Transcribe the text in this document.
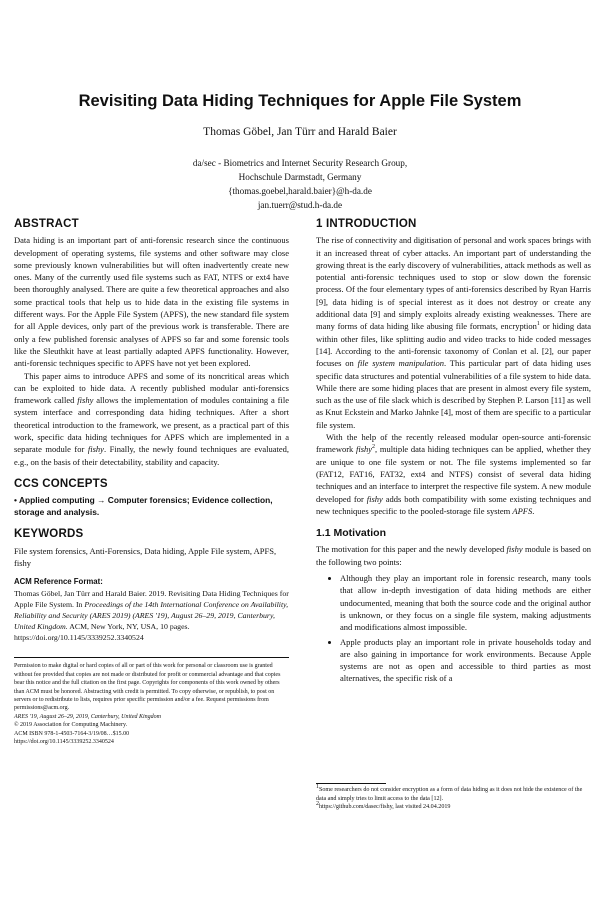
Revisiting Data Hiding Techniques for Apple File System
Thomas Göbel, Jan Türr and Harald Baier
da/sec - Biometrics and Internet Security Research Group,
Hochschule Darmstadt, Germany
{thomas.goebel,harald.baier}@h-da.de
jan.tuerr@stud.h-da.de
ABSTRACT

Data hiding is an important part of anti-forensic research since the continuous development of operating systems, file systems and other software may close some previously known vulnerabilities but will often inadvertently create new ones. Many of the currently used file systems such as FAT, NTFS or ext4 have been thoroughly analysed. There are quite a few theoretical approaches and also some practical tools that help us to hide data in the existing file systems in different ways. For the Apple File System (APFS), the new standard file system for all Apple devices, only part of the previous work is transferable. There are only a few published forensic analyses of APFS so far and some forensic tools like the Sleuthkit have at least partially adapted APFS functionality. However, anti-forensic techniques specific to APFS have not yet been explored.

This paper aims to introduce APFS and some of its noncritical areas which can be exploited to hide data. A recently published modular anti-forensics framework called fishy allows the implementation of modules containing a file system interface and corresponding data hiding techniques. After a short theoretical introduction to the framework, we present, as a practical part of this work, specific data hiding techniques for APFS which are implemented in a separate module for fishy. Finally, the newly found techniques are evaluated, e.g., on the basis of their detectability, stability and capacity.

CCS CONCEPTS
• Applied computing → Computer forensics; Evidence collection, storage and analysis.
KEYWORDS

File system forensics, Anti-Forensics, Data hiding, Apple File system, APFS, fishy

ACM Reference Format:
Thomas Göbel, Jan Türr and Harald Baier. 2019. Revisiting Data Hiding Techniques for Apple File System. In Proceedings of the 14th International Conference on Availability, Reliability and Security (ARES 2019) (ARES '19), August 26–29, 2019, Canterbury, United Kingdom. ACM, New York, NY, USA, 10 pages. https://doi.org/10.1145/3339252.3340524
Permission to make digital or hard copies of all or part of this work for personal or classroom use is granted without fee provided that copies are not made or distributed for profit or commercial advantage and that copies bear this notice and the full citation on the first page. Copyrights for components of this work owned by others than ACM must be honored. Abstracting with credit is permitted. To copy otherwise, or republish, to post on servers or to redistribute to lists, requires prior specific permission and/or a fee. Request permissions from permissions@acm.org.
ARES '19, August 26–29, 2019, Canterbury, United Kingdom
© 2019 Association for Computing Machinery.
ACM ISBN 978-1-4503-7164-3/19/08…$15.00
https://doi.org/10.1145/3339252.3340524
1 INTRODUCTION

The rise of connectivity and digitisation of personal and work spaces brings with it an increased threat of cyber attacks. An important part of understanding the growing threat is the early discovery of vulnerabilities, attack methods as well as potential anti-forensic techniques used to stop or slow down the forensic process. Of the four elementary types of anti-forensics described by Ryan Harris [9], data hiding is of special interest as it does not destroy or create any additional data [9] and simply exploits already existing weaknesses. There are many forms of data hiding like abusing file formats, encryption$^1$ or hiding data within other files, like splitting audio and video tracks to hide coded messages [14]. According to the anti-forensic taxonomy of Conlan et al. [2], our paper focuses on file system manipulation. This particular part of data hiding uses specific data structures and potential vulnerabilities of a file system to hide data. While there are some hiding places that are present in almost every file system, such as the use of file slack which is described by Stephen P. Larson [11] as well as Knut Eckstein and Marko Jahnke [4], most of them are specific to a particular file system.

With the help of the recently released modular open-source anti-forensic framework fishy$^2$, multiple data hiding techniques can be applied, whether they are unique to one file system or not. The file systems implemented so far (FAT12, FAT16, FAT32, ext4 and NTFS) consist of several data hiding techniques and an interface to interpret the respective file system. A new module developed for fishy adds both compatibility with some existing techniques and new techniques specific to the pooled-storage file system APFS.

1.1 Motivation

The motivation for this paper and the newly developed fishy module is based on the following two points:

• Although they play an important role in forensic research, many tools that allow in-depth investigation of data hiding methods are either undocumented, meaning that both the source code and the original author is unknown, or they focus on a single file system, making adjustments and modifications almost impossible.
• Apple products play an important role in private households today and are also gaining in importance for work environments. Because Apple systems are not as open and accessible to third parties as most alternatives, the specific risk of a
$^1$Some researchers do not consider encryption as a form of data hiding as it does not hide the existence of the data and simply tries to limit access to the data [12].
$^2$https://github.com/dasec/fishy, last visited 24.04.2019
